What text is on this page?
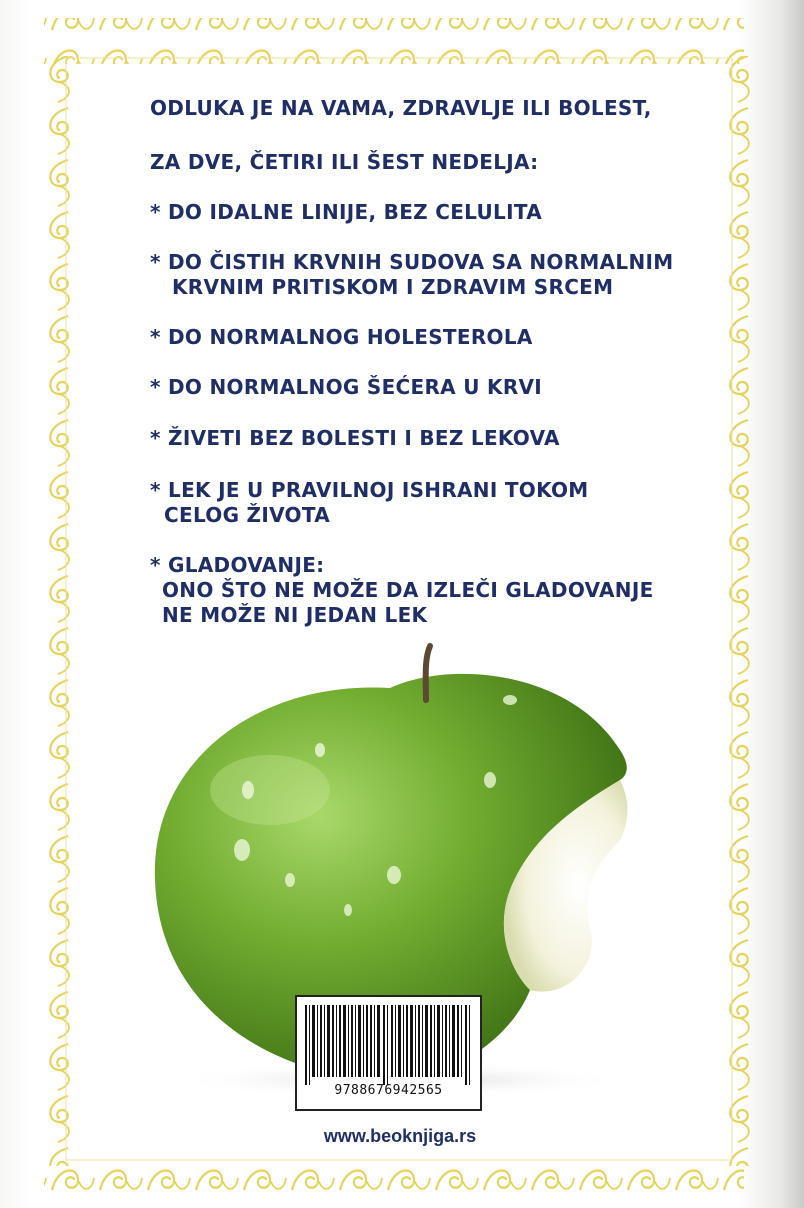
ODLUKA JE NA VAMA, ZDRAVLJE ILI BOLEST,
ZA DVE, ČETIRI ILI ŠEST NEDELJA:
* DO IDALNE LINIJE, BEZ CELULITA
* DO ČISTIH KRVNIH SUDOVA SA NORMALNIM
KRVNIM PRITISKOM I ZDRAVIM SRCEM
* DO NORMALNOG HOLESTEROLA
* DO NORMALNOG ŠEĆERA U KRVI
* ŽIVETI BEZ BOLESTI I BEZ LEKOVA
* LEK JE U PRAVILNOJ ISHRANI TOKOM
CELOG ŽIVOTA
* GLADOVANJE:
ONO ŠTO NE MOŽE DA IZLEČI GLADOVANJE
NE MOŽE NI JEDAN LEK
9788676942565
www.beoknjiga.rs
